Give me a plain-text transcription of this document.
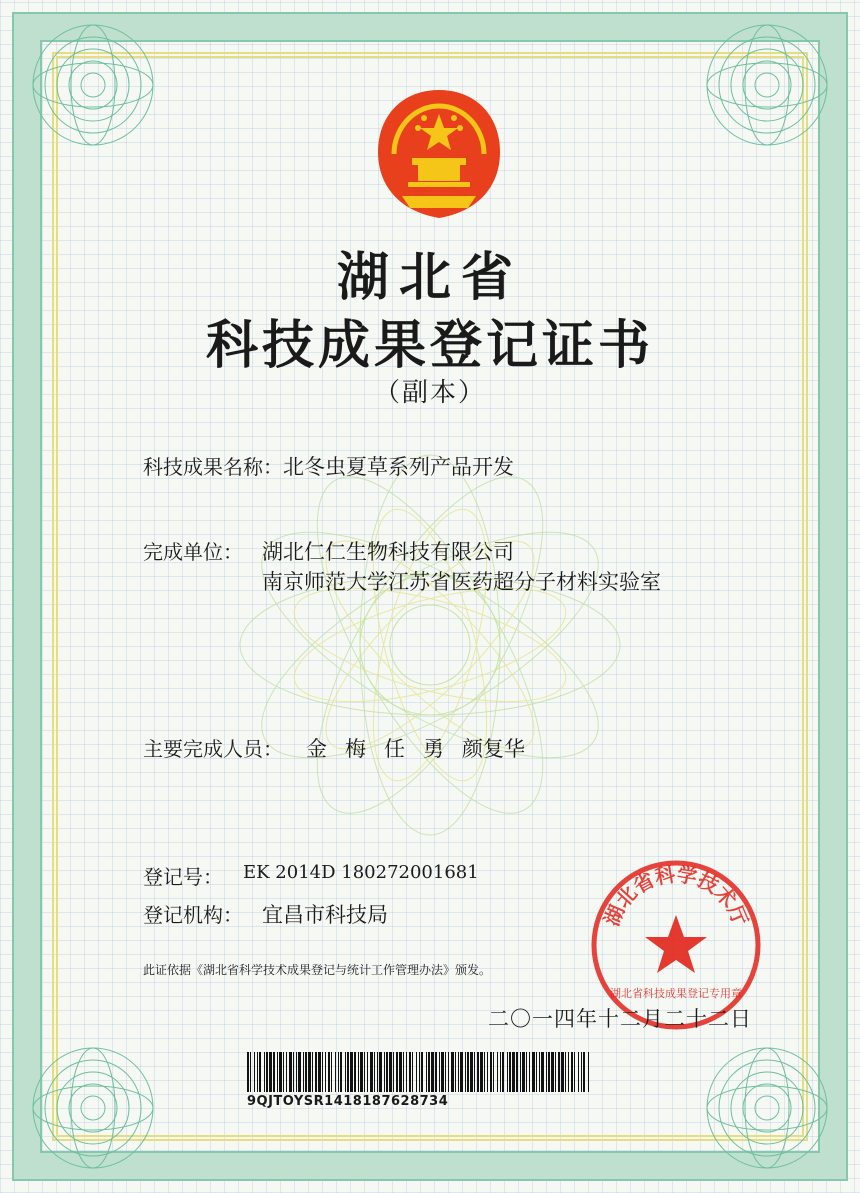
湖北省
科技成果登记证书
（副本）
科技成果名称：北冬虫夏草系列产品开发
完成单位： 湖北仁仁生物科技有限公司
南京师范大学江苏省医药超分子材料实验室
主要完成人员： 金 梅 任 勇 颜复华
登记号： EK 2014D 180272001681
登记机构： 宜昌市科技局
此证依据《湖北省科学技术成果登记与统计工作管理办法》颁发。
湖北省科学技术厅
湖北省科技成果登记专用章
二〇一四年十二月二十二日
9QJTOYSR1418187628734
